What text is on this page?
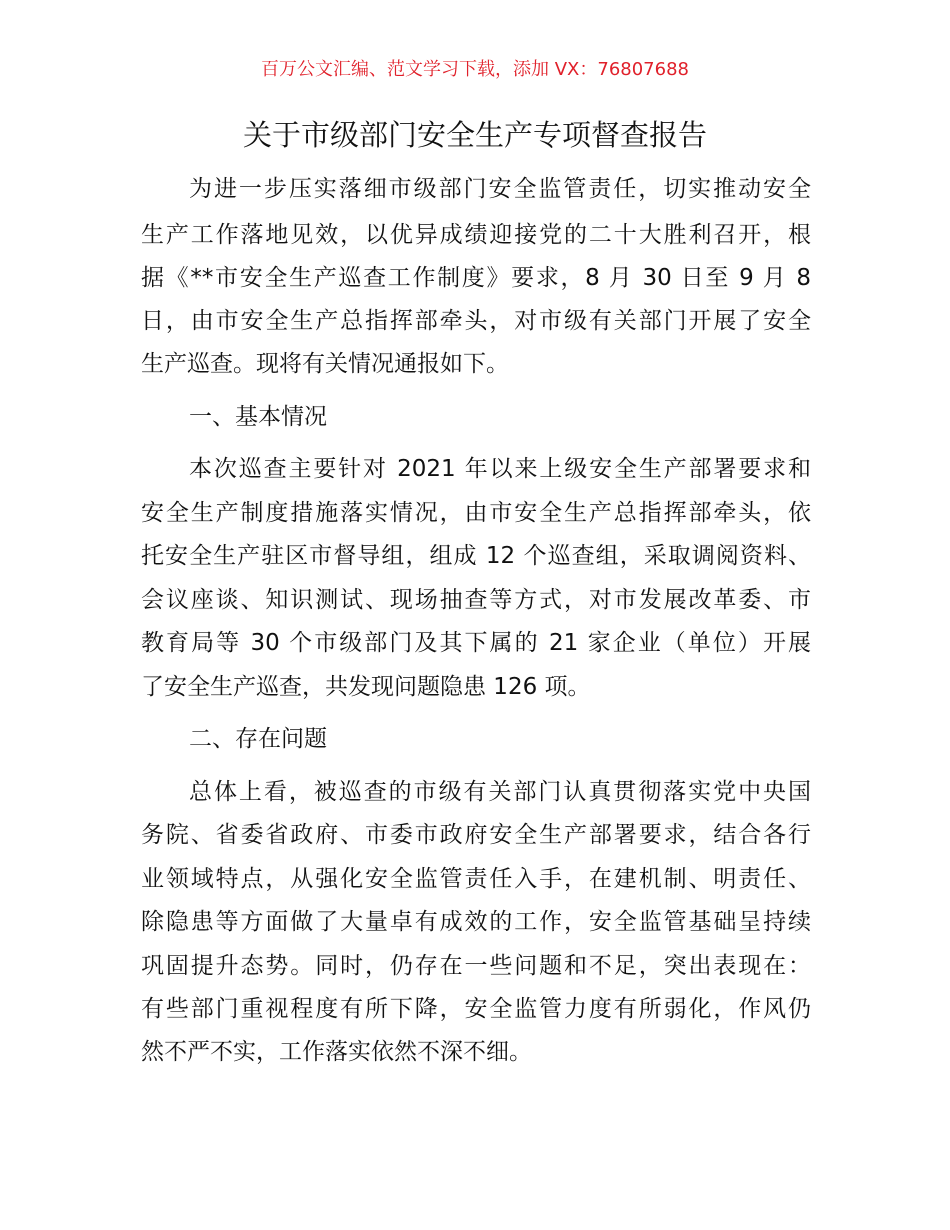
百万公文汇编、范文学习下载，添加 VX：76807688
关于市级部门安全生产专项督查报告
为进一步压实落细市级部门安全监管责任，切实推动安全
生产工作落地见效，以优异成绩迎接党的二十大胜利召开，根
据《**市安全生产巡查工作制度》要求，8 月 30 日至 9 月 8
日，由市安全生产总指挥部牵头，对市级有关部门开展了安全
生产巡查。现将有关情况通报如下。
一、基本情况
本次巡查主要针对 2021 年以来上级安全生产部署要求和
安全生产制度措施落实情况，由市安全生产总指挥部牵头，依
托安全生产驻区市督导组，组成 12 个巡查组，采取调阅资料、
会议座谈、知识测试、现场抽查等方式，对市发展改革委、市
教育局等 30 个市级部门及其下属的 21 家企业（单位）开展
了安全生产巡查，共发现问题隐患 126 项。
二、存在问题
总体上看，被巡查的市级有关部门认真贯彻落实党中央国
务院、省委省政府、市委市政府安全生产部署要求，结合各行
业领域特点，从强化安全监管责任入手，在建机制、明责任、
除隐患等方面做了大量卓有成效的工作，安全监管基础呈持续
巩固提升态势。同时，仍存在一些问题和不足，突出表现在：
有些部门重视程度有所下降，安全监管力度有所弱化，作风仍
然不严不实，工作落实依然不深不细。
